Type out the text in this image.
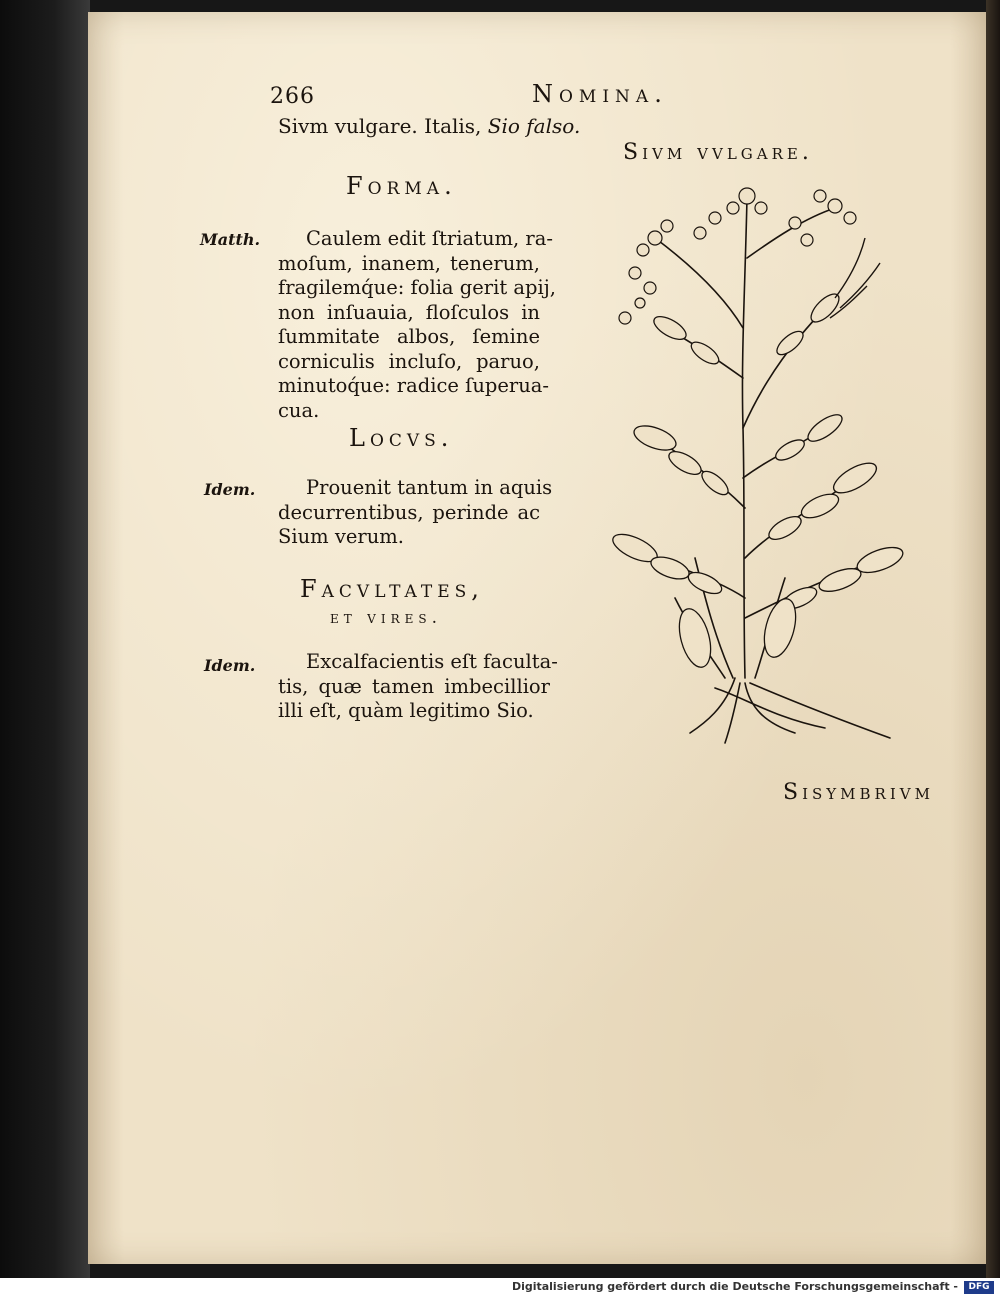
266	Nomina.
Sivm vulgare. Italis, Sio falso.
Sivm vvlgare.
Forma.
Matth.	Caulem edit ſtriatum, ra-
moſum, inanem, tenerum,
fragilemq́ue: folia gerit apij,
non inſuauia, floſculos in
ſummitate albos, ſemine
corniculis incluſo, paruo,
minutoq́ue: radice ſuperua-
cua.
Locvs.
Idem.	Prouenit tantum in aquis
decurrentibus, perinde ac
Sium verum.
Facvltates,
et vires.
Idem.	Excalfacientis eſt faculta-
tis, quæ tamen imbecillior
illi eſt, quàm legitimo Sio.
Sisymbrivm
Digitalisierung gefördert durch die Deutsche Forschungsgemeinschaft -	DFG
